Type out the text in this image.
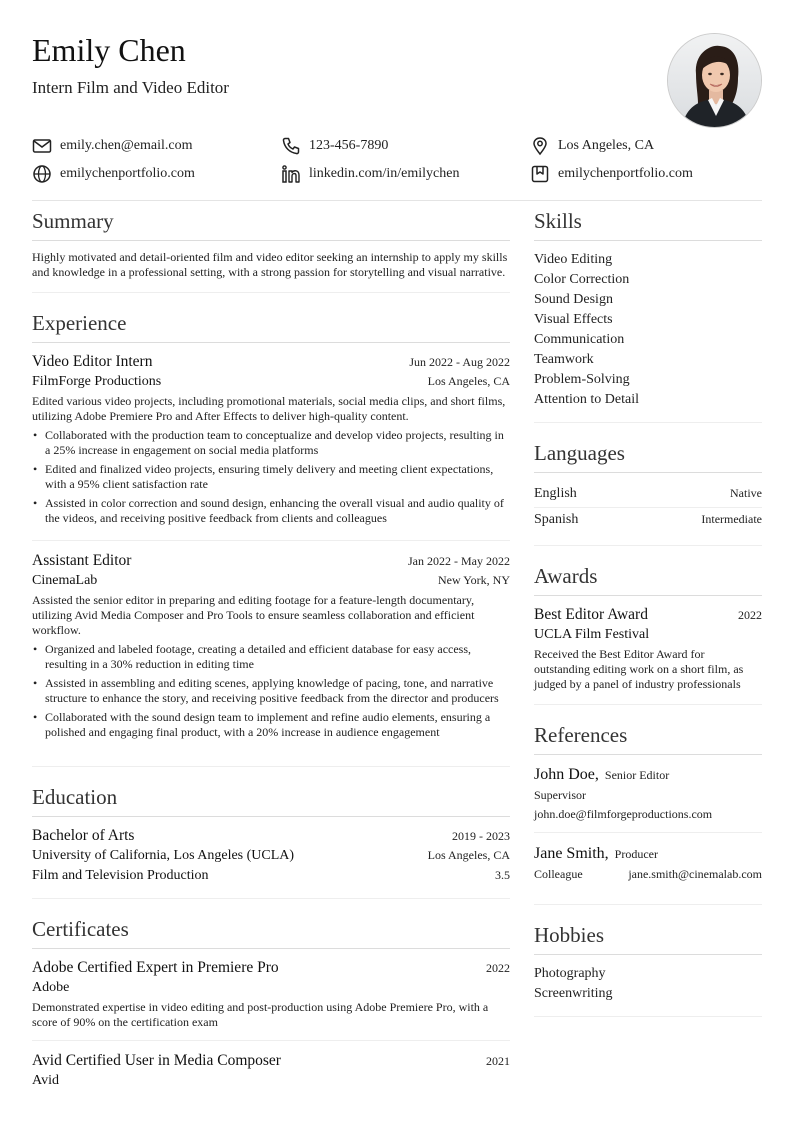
Emily Chen
Intern Film and Video Editor
emily.chen@email.com	123-456-7890	Los Angeles, CA
emilychenportfolio.com	linkedin.com/in/emilychen	emilychenportfolio.com
Summary

Highly motivated and detail-oriented film and video editor seeking an internship to apply my skills and knowledge in a professional setting, with a strong passion for storytelling and visual narrative.

Experience
Video Editor Intern	Jun 2022 - Aug 2022
FilmForge Productions	Los Angeles, CA

Edited various video projects, including promotional materials, social media clips, and short films, utilizing Adobe Premiere Pro and After Effects to deliver high-quality content.

• Collaborated with the production team to conceptualize and develop video projects, resulting in a 25% increase in engagement on social media platforms
• Edited and finalized video projects, ensuring timely delivery and meeting client expectations, with a 95% client satisfaction rate
• Assisted in color correction and sound design, enhancing the overall visual and audio quality of the videos, and receiving positive feedback from clients and colleagues
Assistant Editor	Jan 2022 - May 2022
CinemaLab	New York, NY

Assisted the senior editor in preparing and editing footage for a feature-length documentary, utilizing Avid Media Composer and Pro Tools to ensure seamless collaboration and efficient workflow.

• Organized and labeled footage, creating a detailed and efficient database for easy access, resulting in a 30% reduction in editing time
• Assisted in assembling and editing scenes, applying knowledge of pacing, tone, and narrative structure to enhance the story, and receiving positive feedback from the director and producers
• Collaborated with the sound design team to implement and refine audio elements, ensuring a polished and engaging final product, with a 20% increase in audience engagement
Education
Bachelor of Arts	2019 - 2023
University of California, Los Angeles (UCLA)	Los Angeles, CA
Film and Television Production	3.5
Certificates
Adobe Certified Expert in Premiere Pro	2022
Adobe

Demonstrated expertise in video editing and post-production using Adobe Premiere Pro, with a score of 90% on the certification exam

Avid Certified User in Media Composer	2021
Avid
Skills
Video Editing
Color Correction
Sound Design
Visual Effects
Communication
Teamwork
Problem-Solving
Attention to Detail
Languages
English	Native
Spanish	Intermediate
Awards
Best Editor Award	2022
UCLA Film Festival

Received the Best Editor Award for outstanding editing work on a short film, as judged by a panel of industry professionals

References
John Doe, Senior Editor
Supervisor
john.doe@filmforgeproductions.com
Jane Smith, Producer
Colleague	jane.smith@cinemalab.com
Hobbies
Photography
Screenwriting
